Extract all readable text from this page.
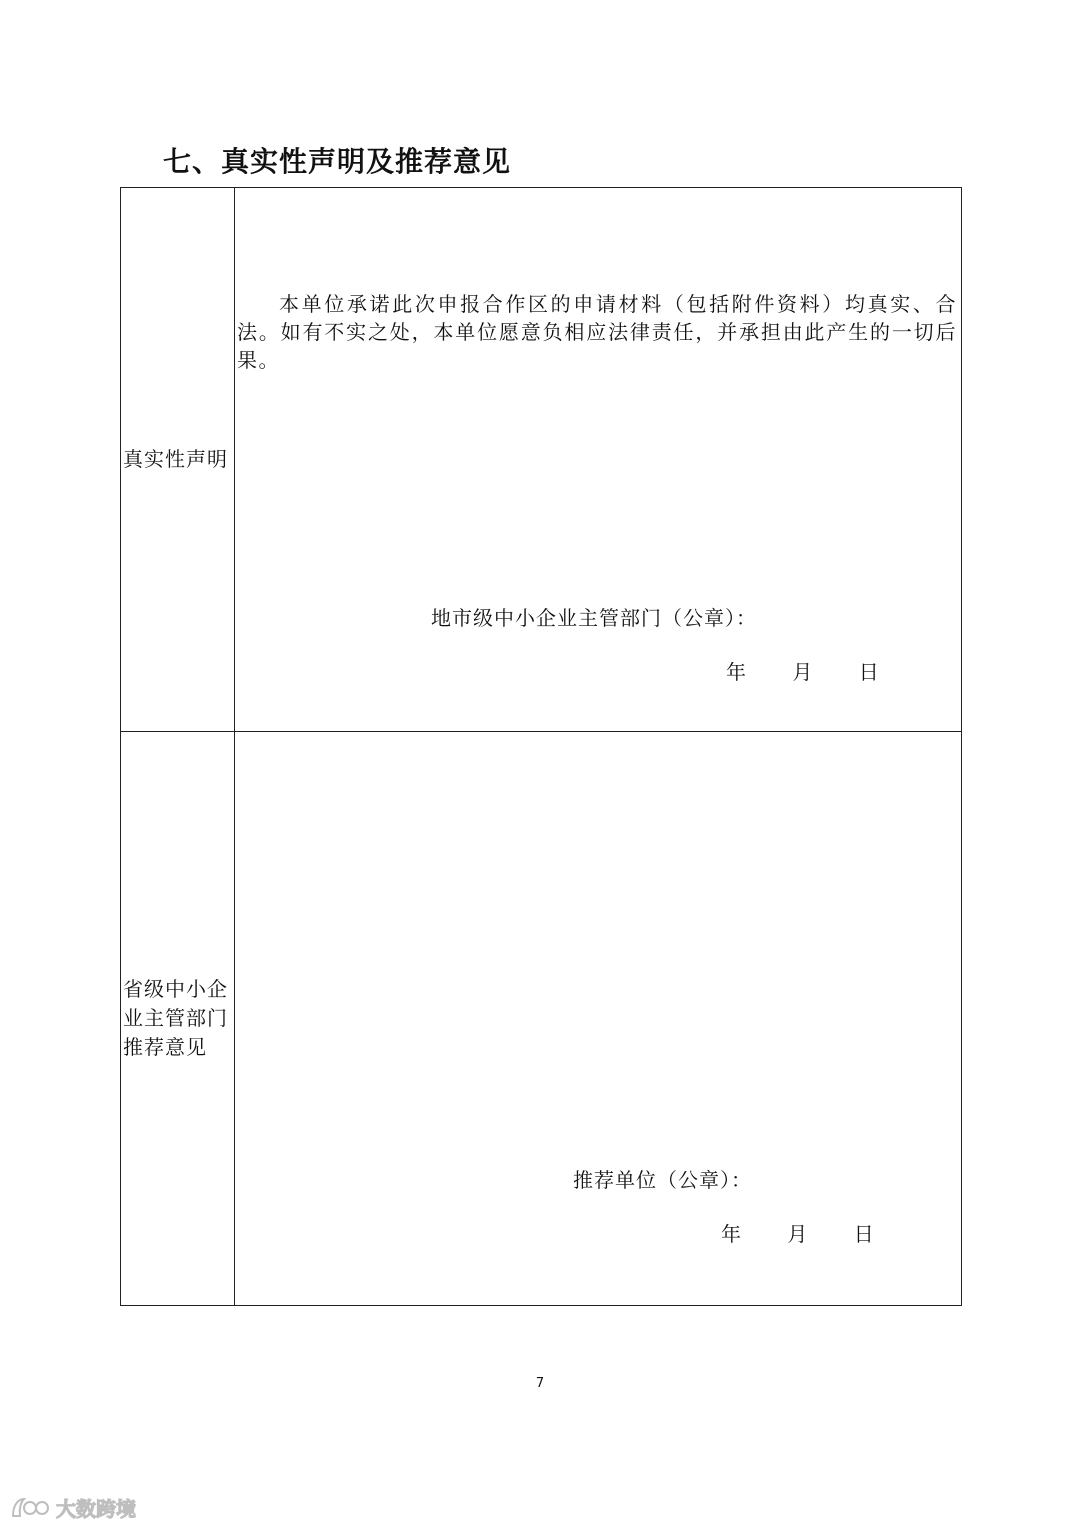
七、真实性声明及推荐意见
真实性声明

本单位承诺此次申报合作区的申请材料（包括附件资料）均真实、合法。如有不实之处，本单位愿意负相应法律责任，并承担由此产生的一切后果。

地市级中小企业主管部门（公章）：
年 月 日
省级中小企
业主管部门
推荐意见
推荐单位（公章）：
年 月 日
7
大数跨境
